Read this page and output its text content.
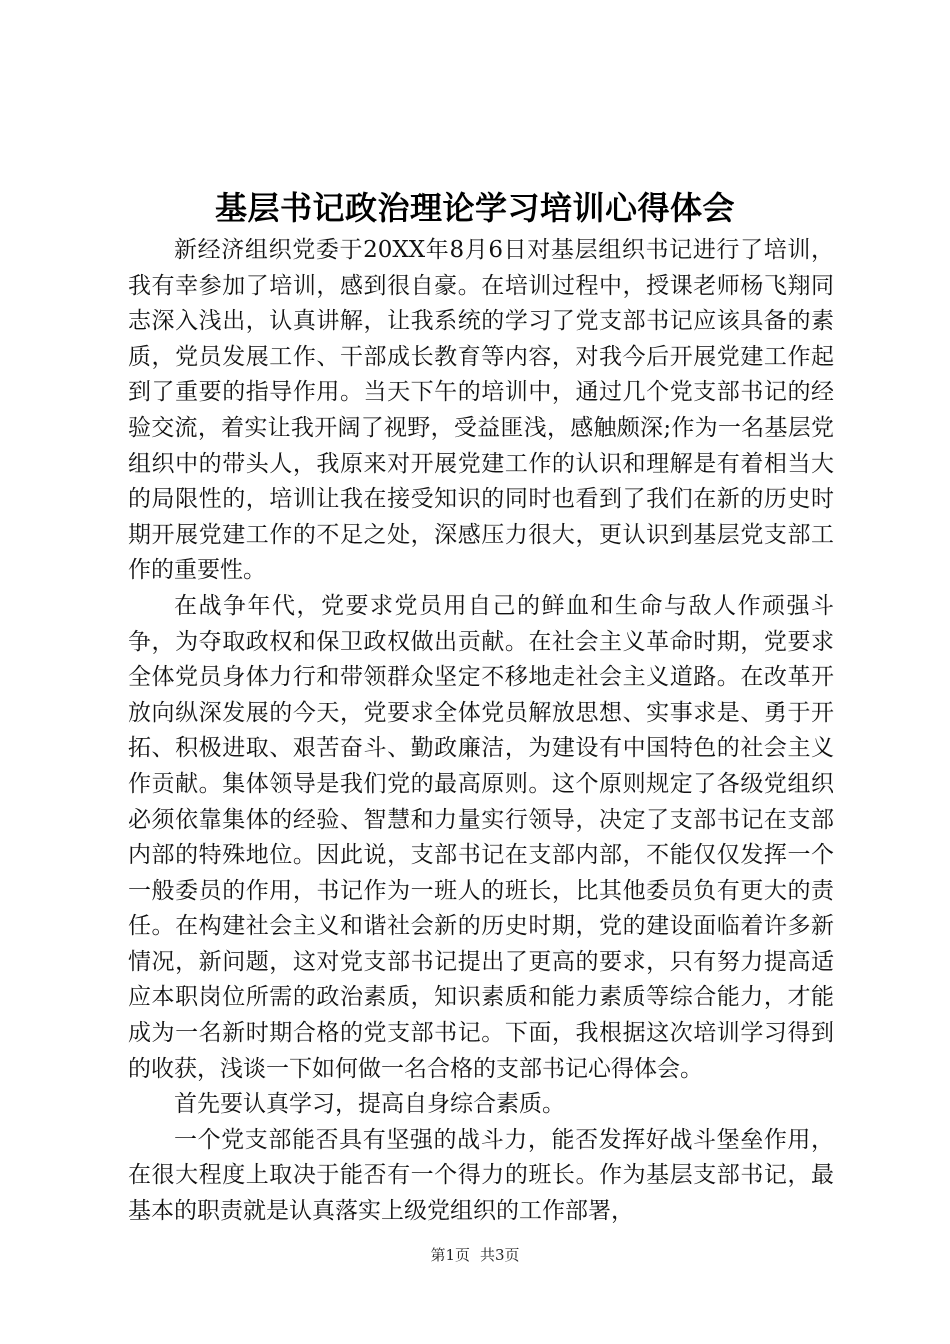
基层书记政治理论学习培训心得体会

新经济组织党委于20XX年8月6日对基层组织书记进行了培训，我有幸参加了培训，感到很自豪。在培训过程中，授课老师杨飞翔同志深入浅出，认真讲解，让我系统的学习了党支部书记应该具备的素质，党员发展工作、干部成长教育等内容，对我今后开展党建工作起到了重要的指导作用。当天下午的培训中，通过几个党支部书记的经验交流，着实让我开阔了视野，受益匪浅，感触颇深;作为一名基层党组织中的带头人，我原来对开展党建工作的认识和理解是有着相当大的局限性的，培训让我在接受知识的同时也看到了我们在新的历史时期开展党建工作的不足之处，深感压力很大，更认识到基层党支部工作的重要性。

在战争年代，党要求党员用自己的鲜血和生命与敌人作顽强斗争，为夺取政权和保卫政权做出贡献。在社会主义革命时期，党要求全体党员身体力行和带领群众坚定不移地走社会主义道路。在改革开放向纵深发展的今天，党要求全体党员解放思想、实事求是、勇于开拓、积极进取、艰苦奋斗、勤政廉洁，为建设有中国特色的社会主义作贡献。集体领导是我们党的最高原则。这个原则规定了各级党组织必须依靠集体的经验、智慧和力量实行领导，决定了支部书记在支部内部的特殊地位。因此说，支部书记在支部内部，不能仅仅发挥一个一般委员的作用，书记作为一班人的班长，比其他委员负有更大的责任。在构建社会主义和谐社会新的历史时期，党的建设面临着许多新情况，新问题，这对党支部书记提出了更高的要求，只有努力提高适应本职岗位所需的政治素质，知识素质和能力素质等综合能力，才能成为一名新时期合格的党支部书记。下面，我根据这次培训学习得到的收获，浅谈一下如何做一名合格的支部书记心得体会。

首先要认真学习，提高自身综合素质。

一个党支部能否具有坚强的战斗力，能否发挥好战斗堡垒作用，在很大程度上取决于能否有一个得力的班长。作为基层支部书记，最基本的职责就是认真落实上级党组织的工作部署，

第1页 共3页
